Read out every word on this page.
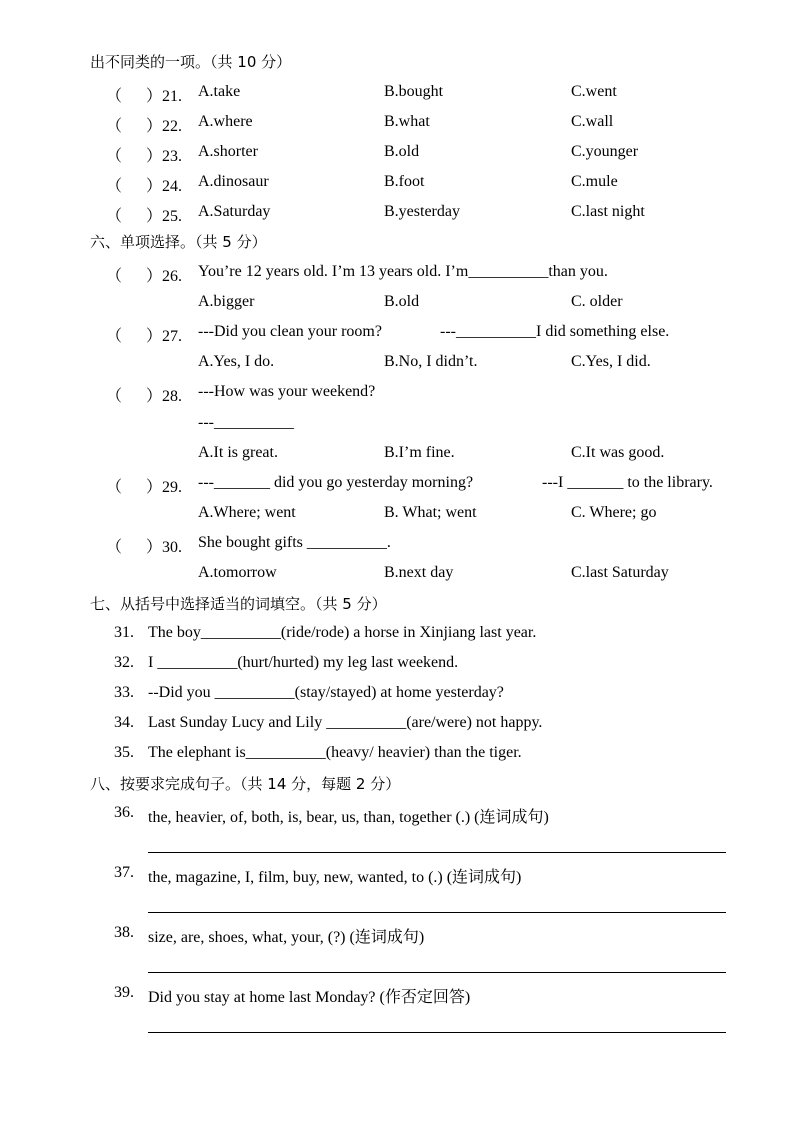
出不同类的一项。（共 10 分）
（ ）21. A.take	B.bought	C.went
（ ）22. A.where	B.what	C.wall
（ ）23. A.shorter	B.old	C.younger
（ ）24. A.dinosaur	B.foot	C.mule
（ ）25. A.Saturday	B.yesterday	C.last night
六、单项选择。（共 5 分）
（ ）26. You’re 12 years old. I’m 13 years old. I’m__________than you.
A.bigger	B.old	C. older
（ ）27. ---Did you clean your room?	---__________I did something else.
A.Yes, I do.	B.No, I didn’t.	C.Yes, I did.
（ ）28. ---How was your weekend?
---__________
A.It is great.	B.I’m fine.	C.It was good.
（ ）29. ---_______ did you go yesterday morning?	---I _______ to the library.
A.Where; went	B. What; went	C. Where; go
（ ）30. She bought gifts __________.
A.tomorrow	B.next day	C.last Saturday
七、从括号中选择适当的词填空。（共 5 分）
31. The boy__________(ride/rode) a horse in Xinjiang last year.
32. I __________(hurt/hurted) my leg last weekend.
33. --Did you __________(stay/stayed) at home yesterday?
34. Last Sunday Lucy and Lily __________(are/were) not happy.
35. The elephant is__________(heavy/ heavier) than the tiger.
八、按要求完成句子。（共 14 分，每题 2 分）
36. the, heavier, of, both, is, bear, us, than, together (.) (连词成句)
37. the, magazine, I, film, buy, new, wanted, to (.) (连词成句)
38. size, are, shoes, what, your, (?) (连词成句)
39. Did you stay at home last Monday? (作否定回答)
